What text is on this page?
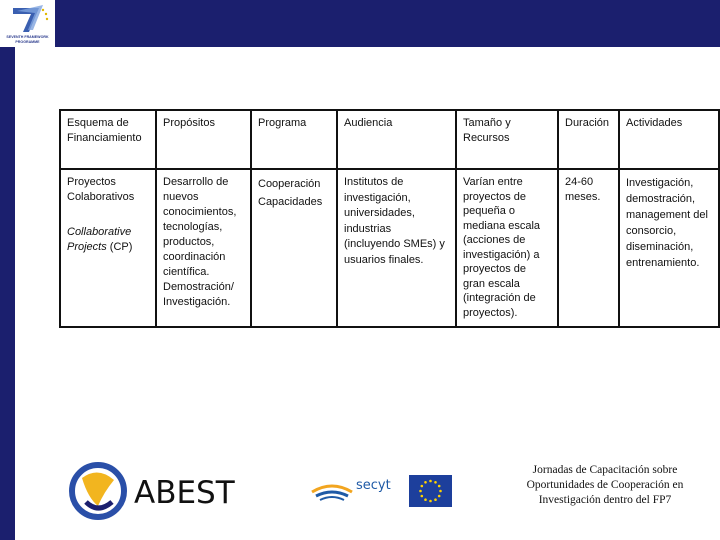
SEVENTH FRAMEWORK
PROGRAMME
Esquema de Financiamiento	Propósitos	Programa	Audiencia	Tamaño y Recursos	Duración	Actividades

Proyectos Colaborativos
Collaborative Projects (CP)	Desarrollo de nuevos conocimientos, tecnologías, productos, coordinación científica. Demostración/ Investigación.	Cooperación Capacidades	Institutos de investigación, universidades, industrias (incluyendo SMEs) y usuarios finales.	Varían entre proyectos de pequeña o mediana escala (acciones de investigación) a proyectos de gran escala (integración de proyectos).	24-60 meses.	Investigación, demostración, management del consorcio, diseminación, entrenamiento.
ABEST	secyt
Jornadas de Capacitación sobre Oportunidades de Cooperación en Investigación dentro del FP7
